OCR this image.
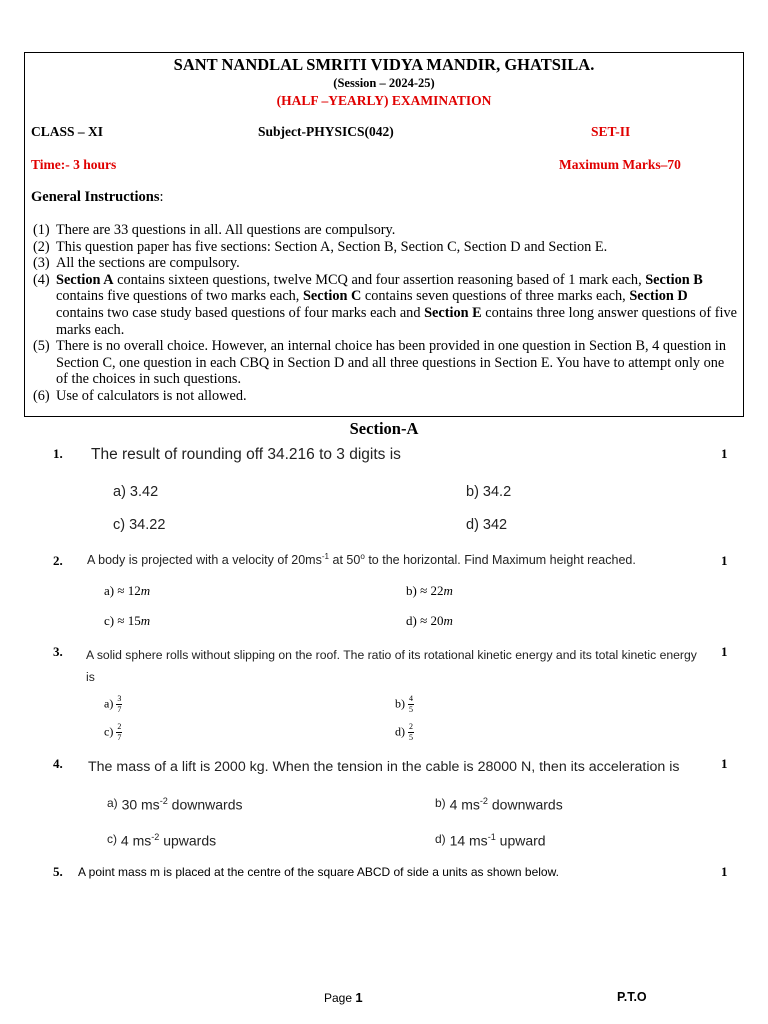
SANT NANDLAL SMRITI VIDYA MANDIR, GHATSILA.
(Session – 2024-25)
(HALF –YEARLY) EXAMINATION
CLASS – XI	Subject-PHYSICS(042)	SET-II
Time:- 3 hours	Maximum Marks–70
General Instructions:
(1) There are 33 questions in all. All questions are compulsory.
(2) This question paper has five sections: Section A, Section B, Section C, Section D and Section E.
(3) All the sections are compulsory.
(4) Section A contains sixteen questions, twelve MCQ and four assertion reasoning based of 1 mark each, Section B contains five questions of two marks each, Section C contains seven questions of three marks each, Section D contains two case study based questions of four marks each and Section E contains three long answer questions of five marks each.
(5) There is no overall choice. However, an internal choice has been provided in one question in Section B, 4 question in Section C, one question in each CBQ in Section D and all three questions in Section E. You have to attempt only one of the choices in such questions.
(6) Use of calculators is not allowed.
Section-A
1. The result of rounding off 34.216 to 3 digits is	1
a) 3.42	b) 34.2
c) 34.22	d) 342
2. A body is projected with a velocity of $20ms^{-1}$ at 50$^o$ to the horizontal. Find Maximum height reached.	1
a) ≈ 12m	b) ≈ 22m
c) ≈ 15m	d) ≈ 20m
3. A solid sphere rolls without slipping on the roof. The ratio of its rotational kinetic energy and its total kinetic energy is
1
$a) \frac{3}{7}$	$b) \frac{4}{5}$
$c) \frac{2}{7}$	$d) \frac{2}{5}$
4. The mass of a lift is 2000 kg. When the tension in the cable is 28000 N, then its acceleration is	1
a) 30 $ms^{-2}$ downwards	b) 4 $ms^{-2}$ downwards
c) 4 $ms^{-2}$ upwards	d) 14 $ms^{-1}$ upward
5. A point mass m is placed at the centre of the square ABCD of side a units as shown below.	1
Page 1	P.T.O
